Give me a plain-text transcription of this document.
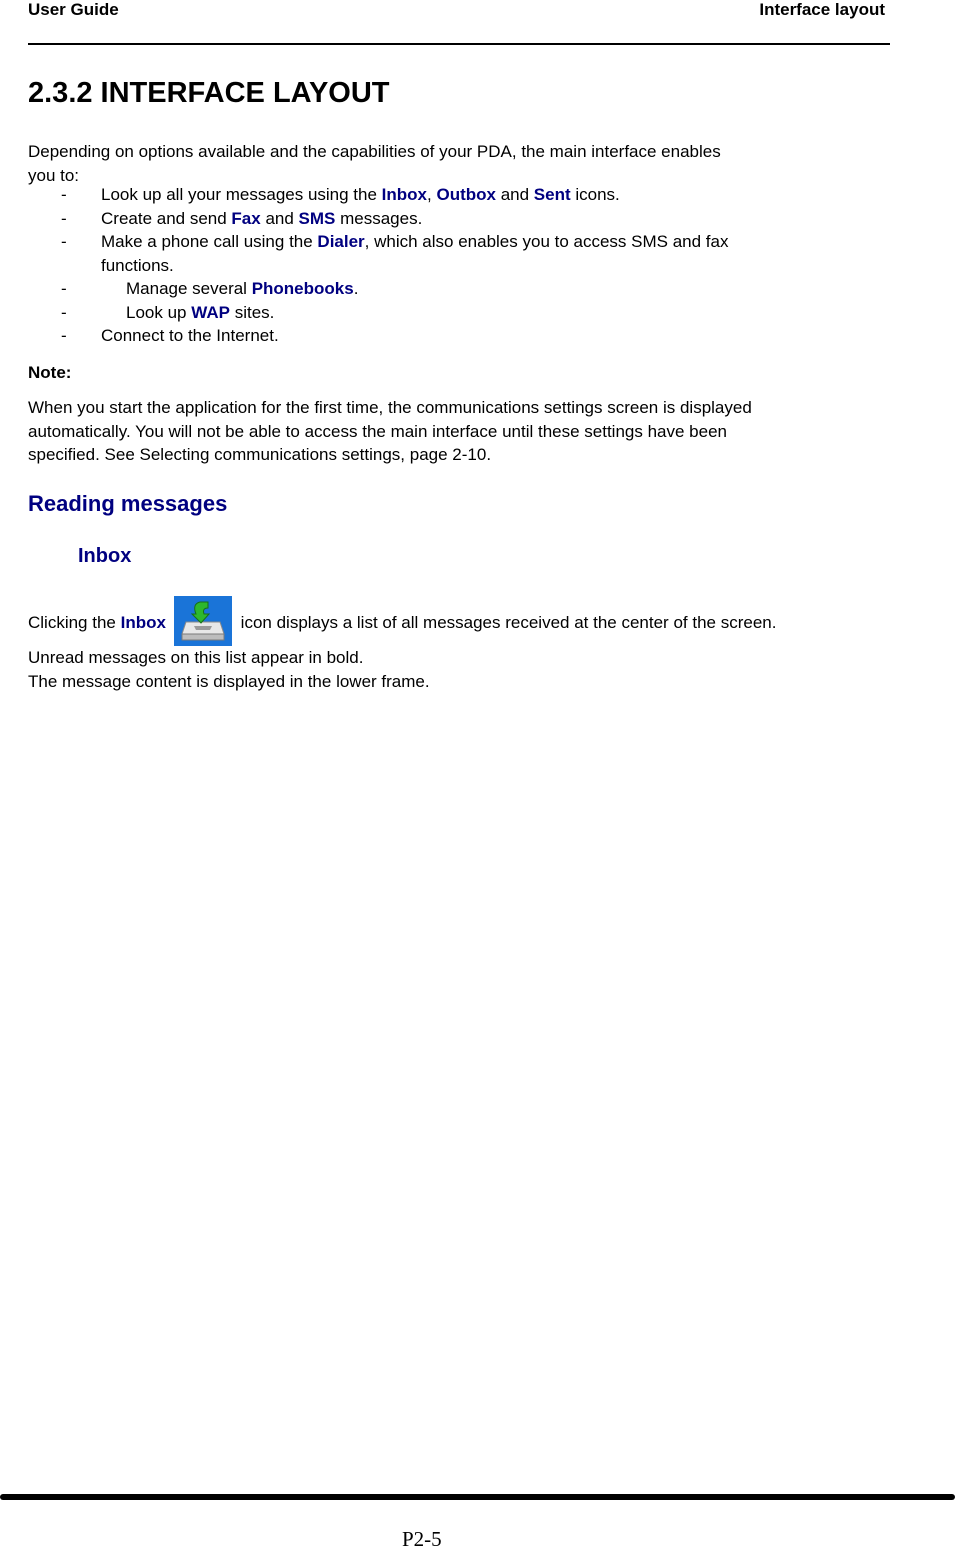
User Guide	Interface layout
2.3.2 INTERFACE LAYOUT
Depending on options available and the capabilities of your PDA, the main interface enables
you to:
- Look up all your messages using the Inbox, Outbox and Sent icons.
- Create and send Fax and SMS messages.
- Make a phone call using the Dialer, which also enables you to access SMS and fax
functions.
-	Manage several Phonebooks.
-	Look up WAP sites.
- Connect to the Internet.
Note:
When you start the application for the first time, the communications settings screen is displayed
automatically. You will not be able to access the main interface until these settings have been
specified. See Selecting communications settings, page 2-10.
Reading messages
Inbox
Clicking the Inbox	icon displays a list of all messages received at the center of the screen.
Unread messages on this list appear in bold.
The message content is displayed in the lower frame.
P2-5
